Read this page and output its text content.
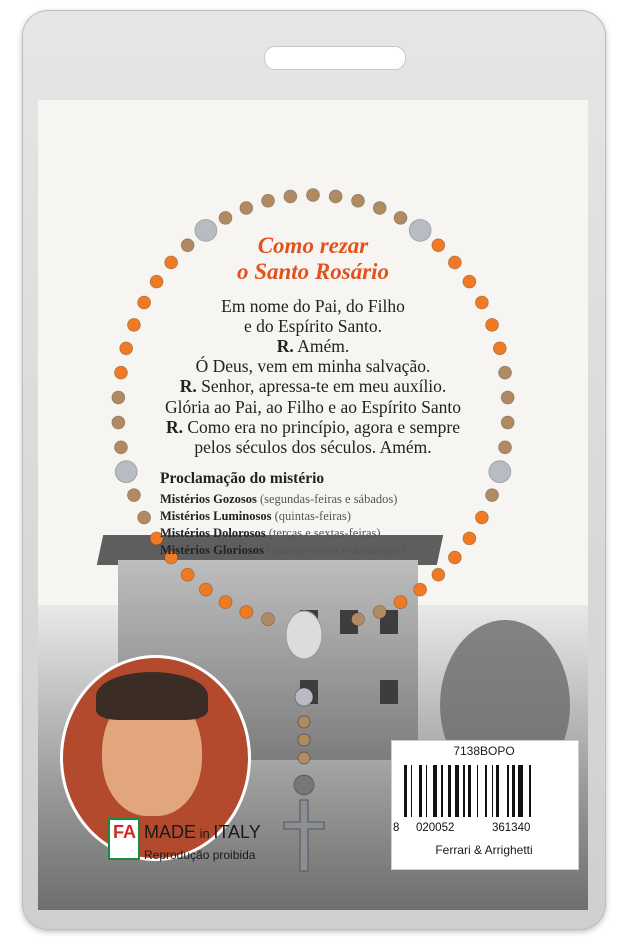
Como rezar
o Santo Rosário
Em nome do Pai, do Filho
e do Espírito Santo.
R. Amém.
Ó Deus, vem em minha salvação.
R. Senhor, apressa-te em meu auxílio.
Glória ao Pai, ao Filho e ao Espírito Santo
R. Como era no princípio, agora e sempre
pelos séculos dos séculos. Amém.
Proclamação do mistério
Mistérios Gozosos (segundas-feiras e sábados)
Mistérios Luminosos (quintas-feiras)
Mistérios Dolorosos (terças e sextas-feiras)
Mistérios Gloriosos (quartas-feiras e domingos)
FA MADE in ITALY
Reprodução proibida
7138BOPO
8 020052	361340
Ferrari & Arrighetti
